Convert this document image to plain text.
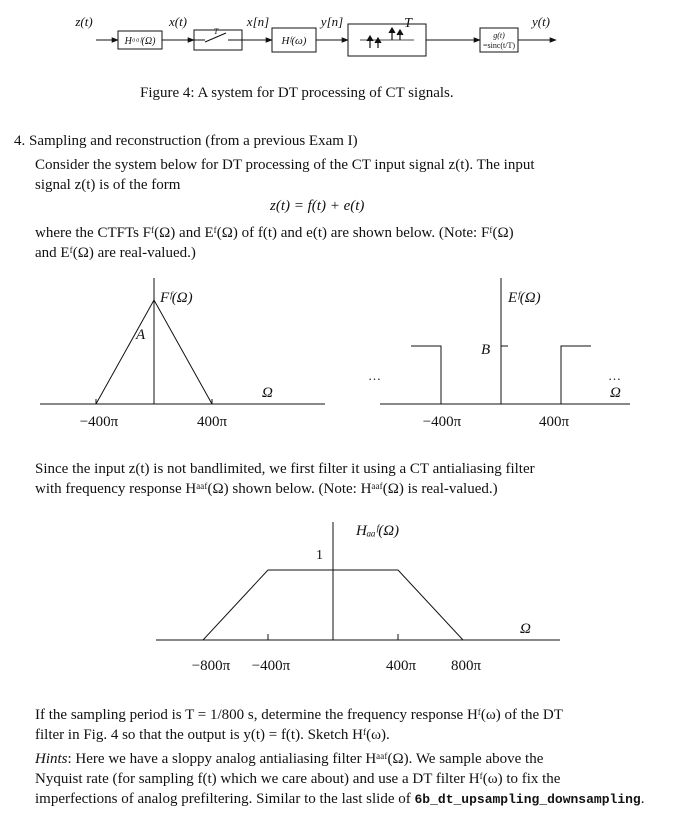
z(t)
Hᵃᵃᶠ(Ω)
x(t)
T
x[n]
Hᶠ(ω)
y[n]	T
g(t)
=sinc(t/T)
y(t)
Figure 4: A system for DT processing of CT signals.
4. Sampling and reconstruction (from a previous Exam I)
Consider the system below for DT processing of the CT input signal z(t). The input
signal z(t) is of the form
z(t) = f(t) + e(t)
where the CTFTs Fᶠ(Ω) and Eᶠ(Ω) of f(t) and e(t) are shown below. (Note: Fᶠ(Ω)
and Eᶠ(Ω) are real-valued.)
Fᶠ(Ω)
A
Ω
−400π	400π
Eᶠ(Ω)
B
…	…
Ω
−400π	400π
Since the input z(t) is not bandlimited, we first filter it using a CT antialiasing filter
with frequency response Hᵃᵃᶠ(Ω) shown below. (Note: Hᵃᵃᶠ(Ω) is real-valued.)
Hₐₐᶠ(Ω)
1
Ω
−800π −400π	400π 800π
If the sampling period is T = 1/800 s, determine the frequency response Hᶠ(ω) of the DT
filter in Fig. 4 so that the output is y(t) = f(t). Sketch Hᶠ(ω).
Hints: Here we have a sloppy analog antialiasing filter Hᵃᵃᶠ(Ω). We sample above the
Nyquist rate (for sampling f(t) which we care about) and use a DT filter Hᶠ(ω) to fix the
imperfections of analog prefiltering. Similar to the last slide of 6b_dt_upsampling_downsampling.
